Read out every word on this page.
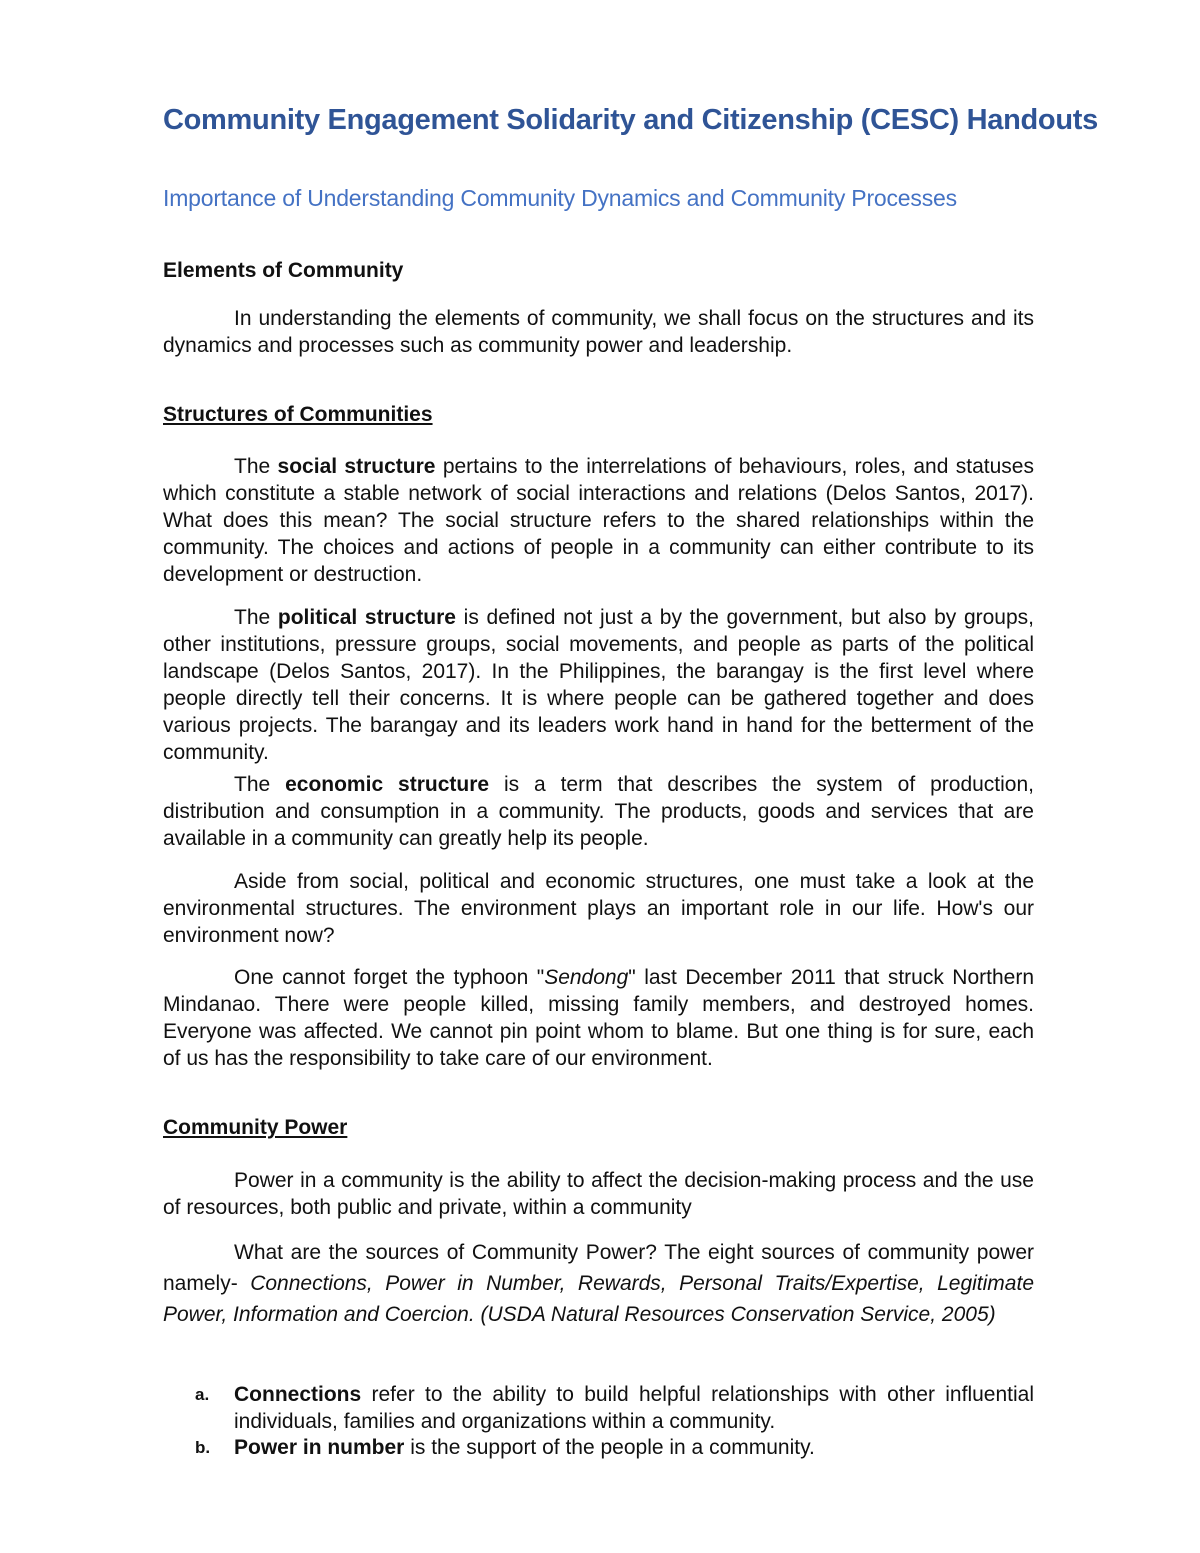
Community Engagement Solidarity and Citizenship (CESC) Handouts
Importance of Understanding Community Dynamics and Community Processes
Elements of Community

In understanding the elements of community, we shall focus on the structures and its dynamics and processes such as community power and leadership.

Structures of Communities

The social structure pertains to the interrelations of behaviours, roles, and statuses which constitute a stable network of social interactions and relations (Delos Santos, 2017). What does this mean? The social structure refers to the shared relationships within the community. The choices and actions of people in a community can either contribute to its development or destruction.

The political structure is defined not just a by the government, but also by groups, other institutions, pressure groups, social movements, and people as parts of the political landscape (Delos Santos, 2017). In the Philippines, the barangay is the first level where people directly tell their concerns. It is where people can be gathered together and does various projects. The barangay and its leaders work hand in hand for the betterment of the community.

The economic structure is a term that describes the system of production, distribution and consumption in a community. The products, goods and services that are available in a community can greatly help its people.

Aside from social, political and economic structures, one must take a look at the environmental structures. The environment plays an important role in our life. How's our environment now?

One cannot forget the typhoon "Sendong" last December 2011 that struck Northern Mindanao. There were people killed, missing family members, and destroyed homes. Everyone was affected. We cannot pin point whom to blame. But one thing is for sure, each of us has the responsibility to take care of our environment.

Community Power

Power in a community is the ability to affect the decision-making process and the use of resources, both public and private, within a community

What are the sources of Community Power? The eight sources of community power namely- Connections, Power in Number, Rewards, Personal Traits/Expertise, Legitimate Power, Information and Coercion. (USDA Natural Resources Conservation Service, 2005)

a. Connections refer to the ability to build helpful relationships with other influential individuals, families and organizations within a community.
b. Power in number is the support of the people in a community.
